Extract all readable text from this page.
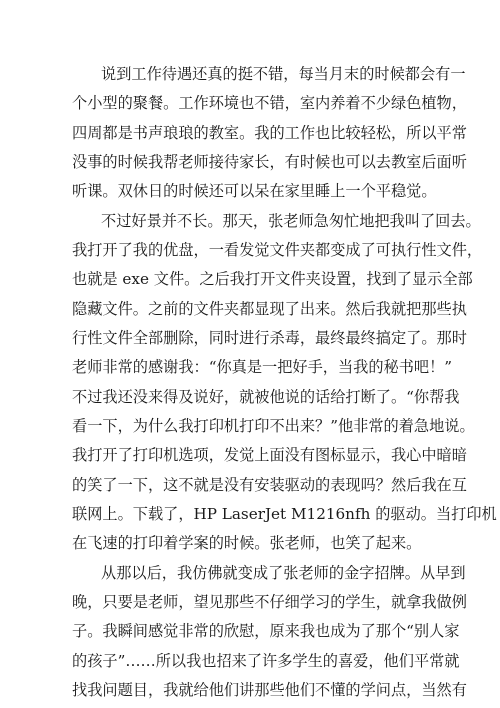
说到工作待遇还真的挺不错，每当月末的时候都会有一
个小型的聚餐。工作环境也不错，室内养着不少绿色植物，
四周都是书声琅琅的教室。我的工作也比较轻松，所以平常
没事的时候我帮老师接待家长，有时候也可以去教室后面听
听课。双休日的时候还可以呆在家里睡上一个平稳觉。
不过好景并不长。那天，张老师急匆忙地把我叫了回去。
我打开了我的优盘，一看发觉文件夹都变成了可执行性文件，
也就是 exe 文件。之后我打开文件夹设置，找到了显示全部
隐藏文件。之前的文件夹都显现了出来。然后我就把那些执
行性文件全部删除，同时进行杀毒，最终最终搞定了。那时
老师非常的感谢我：“你真是一把好手，当我的秘书吧！”
不过我还没来得及说好，就被他说的话给打断了。“你帮我
看一下，为什么我打印机打印不出来？”他非常的着急地说。
我打开了打印机选项，发觉上面没有图标显示，我心中暗暗
的笑了一下，这不就是没有安装驱动的表现吗？然后我在互
联网上。下载了，HP LaserJet M1216nfh 的驱动。当打印机
在飞速的打印着学案的时候。张老师，也笑了起来。
从那以后，我仿佛就变成了张老师的金字招牌。从早到
晚，只要是老师，望见那些不仔细学习的学生，就拿我做例
子。我瞬间感觉非常的欣慰，原来我也成为了那个“别人家
的孩子”……所以我也招来了许多学生的喜爱，他们平常就
找我问题目，我就给他们讲那些他们不懂的学问点，当然有
